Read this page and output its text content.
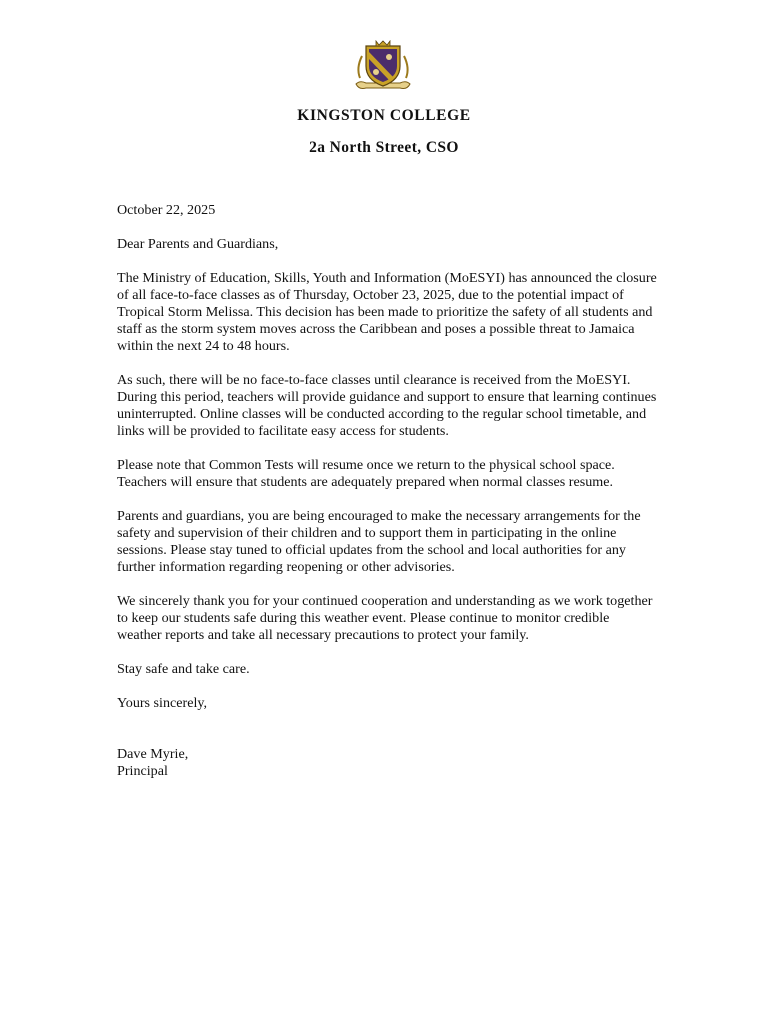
KINGSTON COLLEGE
2a North Street, CSO

October 22, 2025

Dear Parents and Guardians,

The Ministry of Education, Skills, Youth and Information (MoESYI) has announced the closure of all face-to-face classes as of Thursday, October 23, 2025, due to the potential impact of Tropical Storm Melissa. This decision has been made to prioritize the safety of all students and staff as the storm system moves across the Caribbean and poses a possible threat to Jamaica within the next 24 to 48 hours.

As such, there will be no face-to-face classes until clearance is received from the MoESYI. During this period, teachers will provide guidance and support to ensure that learning continues uninterrupted. Online classes will be conducted according to the regular school timetable, and links will be provided to facilitate easy access for students.

Please note that Common Tests will resume once we return to the physical school space. Teachers will ensure that students are adequately prepared when normal classes resume.

Parents and guardians, you are being encouraged to make the necessary arrangements for the safety and supervision of their children and to support them in participating in the online sessions. Please stay tuned to official updates from the school and local authorities for any further information regarding reopening or other advisories.

We sincerely thank you for your continued cooperation and understanding as we work together to keep our students safe during this weather event. Please continue to monitor credible weather reports and take all necessary precautions to protect your family.

Stay safe and take care.

Yours sincerely,

Dave Myrie,

Principal
